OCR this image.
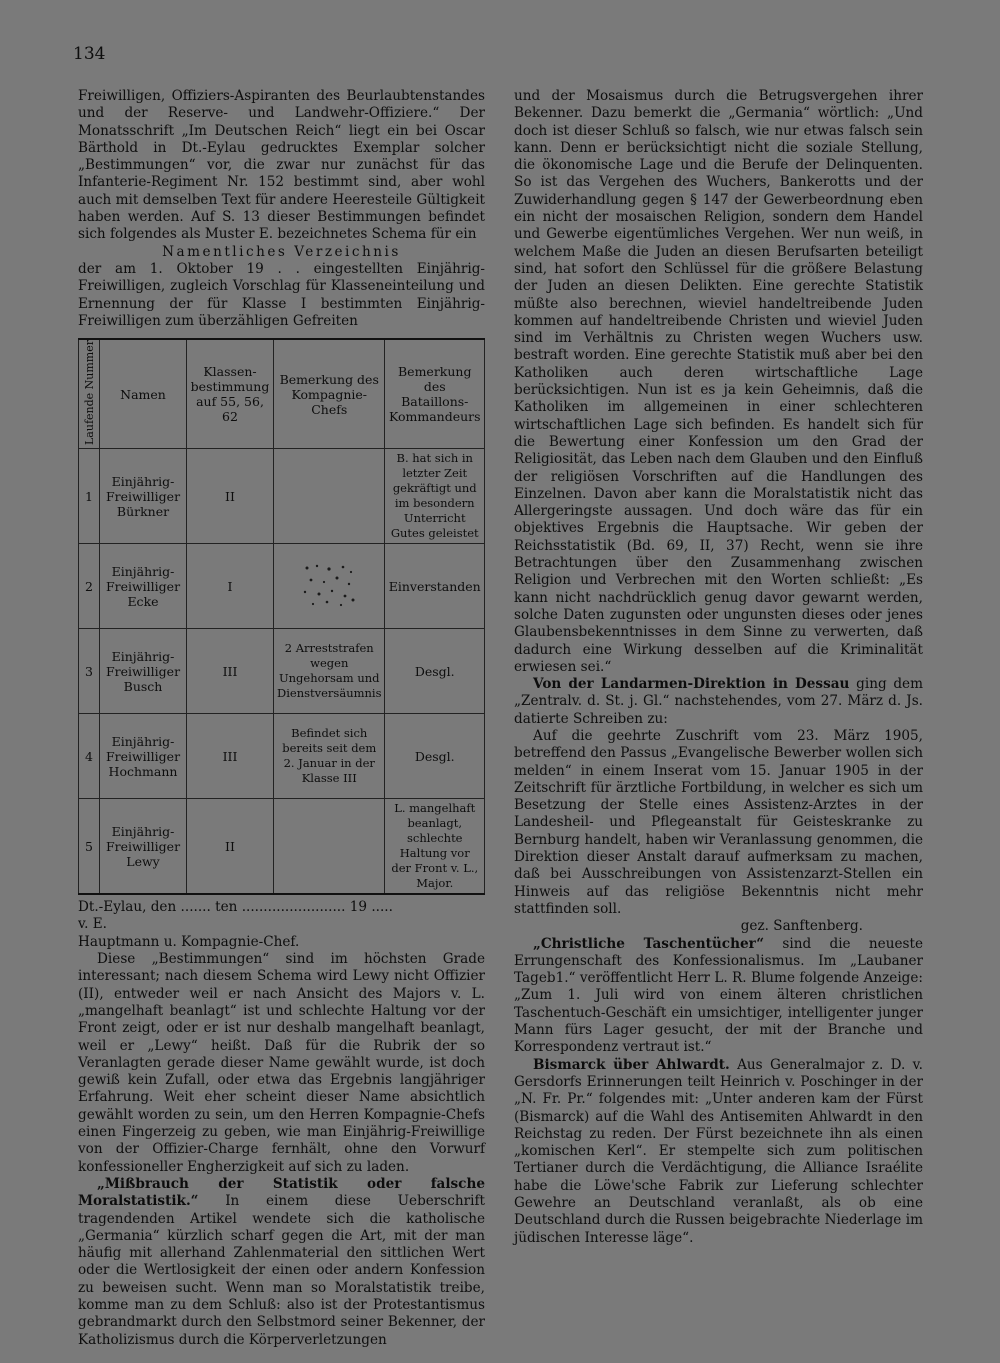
134

Freiwilligen, Offiziers-Aspiranten des Beurlaubtenstandes und der Reserve- und Landwehr-Offiziere.“ Der Monatsschrift „Im Deutschen Reich“ liegt ein bei Oscar Bärthold in Dt.-Eylau gedrucktes Exemplar solcher „Bestimmungen“ vor, die zwar nur zunächst für das Infanterie-Regiment Nr. 152 bestimmt sind, aber wohl auch mit demselben Text für andere Heeresteile Gültigkeit haben werden. Auf S. 13 dieser Bestimmungen befindet sich folgendes als Muster E. bezeichnetes Schema für ein

Namentliches Verzeichnis

der am 1. Oktober 19 . . eingestellten Einjährig-Freiwilligen, zugleich Vorschlag für Klasseneinteilung und Ernennung der für Klasse I bestimmten Einjährig-Freiwilligen zum überzähligen Gefreiten

Laufende Nummer	Namen	Klassen-bestimmung auf 55, 56, 62	Bemerkung des Kompagnie-Chefs	Bemerkung des Bataillons-Kommandeurs
1	Einjährig-Freiwilliger Bürkner	II		B. hat sich in letzter Zeit gekräftigt und im besondern Unterricht Gutes geleistet
2	Einjährig-Freiwilliger Ecke	I		Einverstanden
3	Einjährig-Freiwilliger Busch	III	2 Arreststrafen wegen Ungehorsam und Dienstversäumnis	Desgl.
4	Einjährig-Freiwilliger Hochmann	III	Befindet sich bereits seit dem 2. Januar in der Klasse III	Desgl.
5	Einjährig-Freiwilliger Lewy	II		L. mangelhaft beanlagt, schlechte Haltung vor der Front v. L., Major.

Dt.-Eylau, den ....... ten ........................ 19 .....

v. E.

Hauptmann u. Kompagnie-Chef.

Diese „Bestimmungen“ sind im höchsten Grade interessant; nach diesem Schema wird Lewy nicht Offizier (II), entweder weil er nach Ansicht des Majors v. L. „mangelhaft beanlagt“ ist und schlechte Haltung vor der Front zeigt, oder er ist nur deshalb mangelhaft beanlagt, weil er „Lewy“ heißt. Daß für die Rubrik der so Veranlagten gerade dieser Name gewählt wurde, ist doch gewiß kein Zufall, oder etwa das Ergebnis langjähriger Erfahrung. Weit eher scheint dieser Name absichtlich gewählt worden zu sein, um den Herren Kompagnie-Chefs einen Fingerzeig zu geben, wie man Einjährig-Freiwillige von der Offizier-Charge fernhält, ohne den Vorwurf konfessioneller Engherzigkeit auf sich zu laden.

„Mißbrauch der Statistik oder falsche Moralstatistik.“ In einem diese Ueberschrift tragendenden Artikel wendete sich die katholische „Germania“ kürzlich scharf gegen die Art, mit der man häufig mit allerhand Zahlenmaterial den sittlichen Wert oder die Wertlosigkeit der einen oder andern Konfession zu beweisen sucht. Wenn man so Moralstatistik treibe, komme man zu dem Schluß: also ist der Protestantismus gebrandmarkt durch den Selbstmord seiner Bekenner, der Katholizismus durch die Körperverletzungen

und der Mosaismus durch die Betrugsvergehen ihrer Bekenner. Dazu bemerkt die „Germania“ wörtlich: „Und doch ist dieser Schluß so falsch, wie nur etwas falsch sein kann. Denn er berücksichtigt nicht die soziale Stellung, die ökonomische Lage und die Berufe der Delinquenten. So ist das Vergehen des Wuchers, Bankerotts und der Zuwiderhandlung gegen § 147 der Gewerbeordnung eben ein nicht der mosaischen Religion, sondern dem Handel und Gewerbe eigentümliches Vergehen. Wer nun weiß, in welchem Maße die Juden an diesen Berufsarten beteiligt sind, hat sofort den Schlüssel für die größere Belastung der Juden an diesen Delikten. Eine gerechte Statistik müßte also berechnen, wieviel handeltreibende Juden kommen auf handeltreibende Christen und wieviel Juden sind im Verhältnis zu Christen wegen Wuchers usw. bestraft worden. Eine gerechte Statistik muß aber bei den Katholiken auch deren wirtschaftliche Lage berücksichtigen. Nun ist es ja kein Geheimnis, daß die Katholiken im allgemeinen in einer schlechteren wirtschaftlichen Lage sich befinden. Es handelt sich für die Bewertung einer Konfession um den Grad der Religiosität, das Leben nach dem Glauben und den Einfluß der religiösen Vorschriften auf die Handlungen des Einzelnen. Davon aber kann die Moralstatistik nicht das Allergeringste aussagen. Und doch wäre das für ein objektives Ergebnis die Hauptsache. Wir geben der Reichsstatistik (Bd. 69, II, 37) Recht, wenn sie ihre Betrachtungen über den Zusammenhang zwischen Religion und Verbrechen mit den Worten schließt: „Es kann nicht nachdrücklich genug davor gewarnt werden, solche Daten zugunsten oder ungunsten dieses oder jenes Glaubensbekenntnisses in dem Sinne zu verwerten, daß dadurch eine Wirkung desselben auf die Kriminalität erwiesen sei.“

Von der Landarmen-Direktion in Dessau ging dem „Zentralv. d. St. j. Gl.“ nachstehendes, vom 27. März d. Js. datierte Schreiben zu:

Auf die geehrte Zuschrift vom 23. März 1905, betreffend den Passus „Evangelische Bewerber wollen sich melden“ in einem Inserat vom 15. Januar 1905 in der Zeitschrift für ärztliche Fortbildung, in welcher es sich um Besetzung der Stelle eines Assistenz-Arztes in der Landesheil- und Pflegeanstalt für Geisteskranke zu Bernburg handelt, haben wir Veranlassung genommen, die Direktion dieser Anstalt darauf aufmerksam zu machen, daß bei Ausschreibungen von Assistenzarzt-Stellen ein Hinweis auf das religiöse Bekenntnis nicht mehr stattfinden soll.

gez. Sanftenberg.

„Christliche Taschentücher“ sind die neueste Errungenschaft des Konfessionalismus. Im „Laubaner Tageb1.“ veröffentlicht Herr L. R. Blume folgende Anzeige: „Zum 1. Juli wird von einem älteren christlichen Taschentuch-Geschäft ein umsichtiger, intelligenter junger Mann fürs Lager gesucht, der mit der Branche und Korrespondenz vertraut ist.“

Bismarck über Ahlwardt. Aus Generalmajor z. D. v. Gersdorfs Erinnerungen teilt Heinrich v. Poschinger in der „N. Fr. Pr.“ folgendes mit: „Unter anderen kam der Fürst (Bismarck) auf die Wahl des Antisemiten Ahlwardt in den Reichstag zu reden. Der Fürst bezeichnete ihn als einen „komischen Kerl“. Er stempelte sich zum politischen Tertianer durch die Verdächtigung, die Alliance Israélite habe die Löwe'sche Fabrik zur Lieferung schlechter Gewehre an Deutschland veranlaßt, als ob eine Deutschland durch die Russen beigebrachte Niederlage im jüdischen Interesse läge“.
